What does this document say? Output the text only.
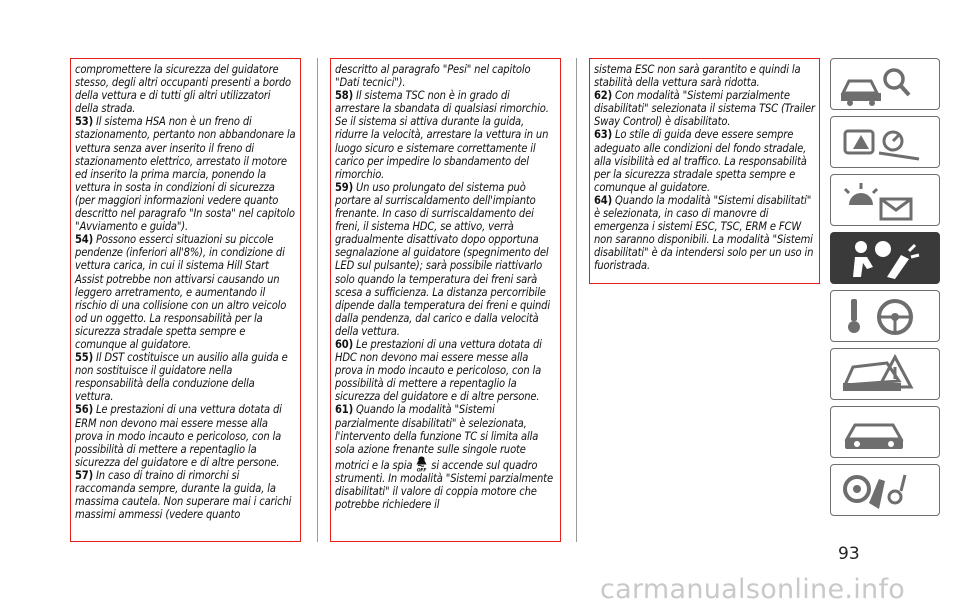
compromettere la sicurezza del guidatore stesso, degli altri occupanti presenti a bordo della vettura e di tutti gli altri utilizzatori della strada.

53) Il sistema HSA non è un freno di stazionamento, pertanto non abbandonare la vettura senza aver inserito il freno di stazionamento elettrico, arrestato il motore ed inserito la prima marcia, ponendo la vettura in sosta in condizioni di sicurezza (per maggiori informazioni vedere quanto descritto nel paragrafo "In sosta" nel capitolo "Avviamento e guida").

54) Possono esserci situazioni su piccole pendenze (inferiori all'8%), in condizione di vettura carica, in cui il sistema Hill Start Assist potrebbe non attivarsi causando un leggero arretramento, e aumentando il rischio di una collisione con un altro veicolo od un oggetto. La responsabilità per la sicurezza stradale spetta sempre e comunque al guidatore.

55) Il DST costituisce un ausilio alla guida e non sostituisce il guidatore nella responsabilità della conduzione della vettura.

56) Le prestazioni di una vettura dotata di ERM non devono mai essere messe alla prova in modo incauto e pericoloso, con la possibilità di mettere a repentaglio la sicurezza del guidatore e di altre persone.

57) In caso di traino di rimorchi si raccomanda sempre, durante la guida, la massima cautela. Non superare mai i carichi massimi ammessi (vedere quanto

descritto al paragrafo "Pesi" nel capitolo "Dati tecnici").

58) Il sistema TSC non è in grado di arrestare la sbandata di qualsiasi rimorchio. Se il sistema si attiva durante la guida, ridurre la velocità, arrestare la vettura in un luogo sicuro e sistemare correttamente il carico per impedire lo sbandamento del rimorchio.

59) Un uso prolungato del sistema può portare al surriscaldamento dell'impianto frenante. In caso di surriscaldamento dei freni, il sistema HDC, se attivo, verrà gradualmente disattivato dopo opportuna segnalazione al guidatore (spegnimento del LED sul pulsante); sarà possibile riattivarlo solo quando la temperatura dei freni sarà scesa a sufficienza. La distanza percorribile dipende dalla temperatura dei freni e quindi dalla pendenza, dal carico e dalla velocità della vettura.

60) Le prestazioni di una vettura dotata di HDC non devono mai essere messe alla prova in modo incauto e pericoloso, con la possibilità di mettere a repentaglio la sicurezza del guidatore e di altre persone.

61) Quando la modalità "Sistemi parzialmente disabilitati" è selezionata, l'intervento della funzione TC si limita alla sola azione frenante sulle singole ruote motrici e la spia OFF si accende sul quadro strumenti. In modalità "Sistemi parzialmente disabilitati" il valore di coppia motore che potrebbe richiedere il

sistema ESC non sarà garantito e quindi la stabilità della vettura sarà ridotta.

62) Con modalità "Sistemi parzialmente disabilitati" selezionata il sistema TSC (Trailer Sway Control) è disabilitato.

63) Lo stile di guida deve essere sempre adeguato alle condizioni del fondo stradale, alla visibilità ed al traffico. La responsabilità per la sicurezza stradale spetta sempre e comunque al guidatore.

64) Quando la modalità "Sistemi disabilitati" è selezionata, in caso di manovre di emergenza i sistemi ESC, TSC, ERM e FCW non saranno disponibili. La modalità "Sistemi disabilitati" è da intendersi solo per un uso in fuoristrada.

93
carmanualsonline.info
